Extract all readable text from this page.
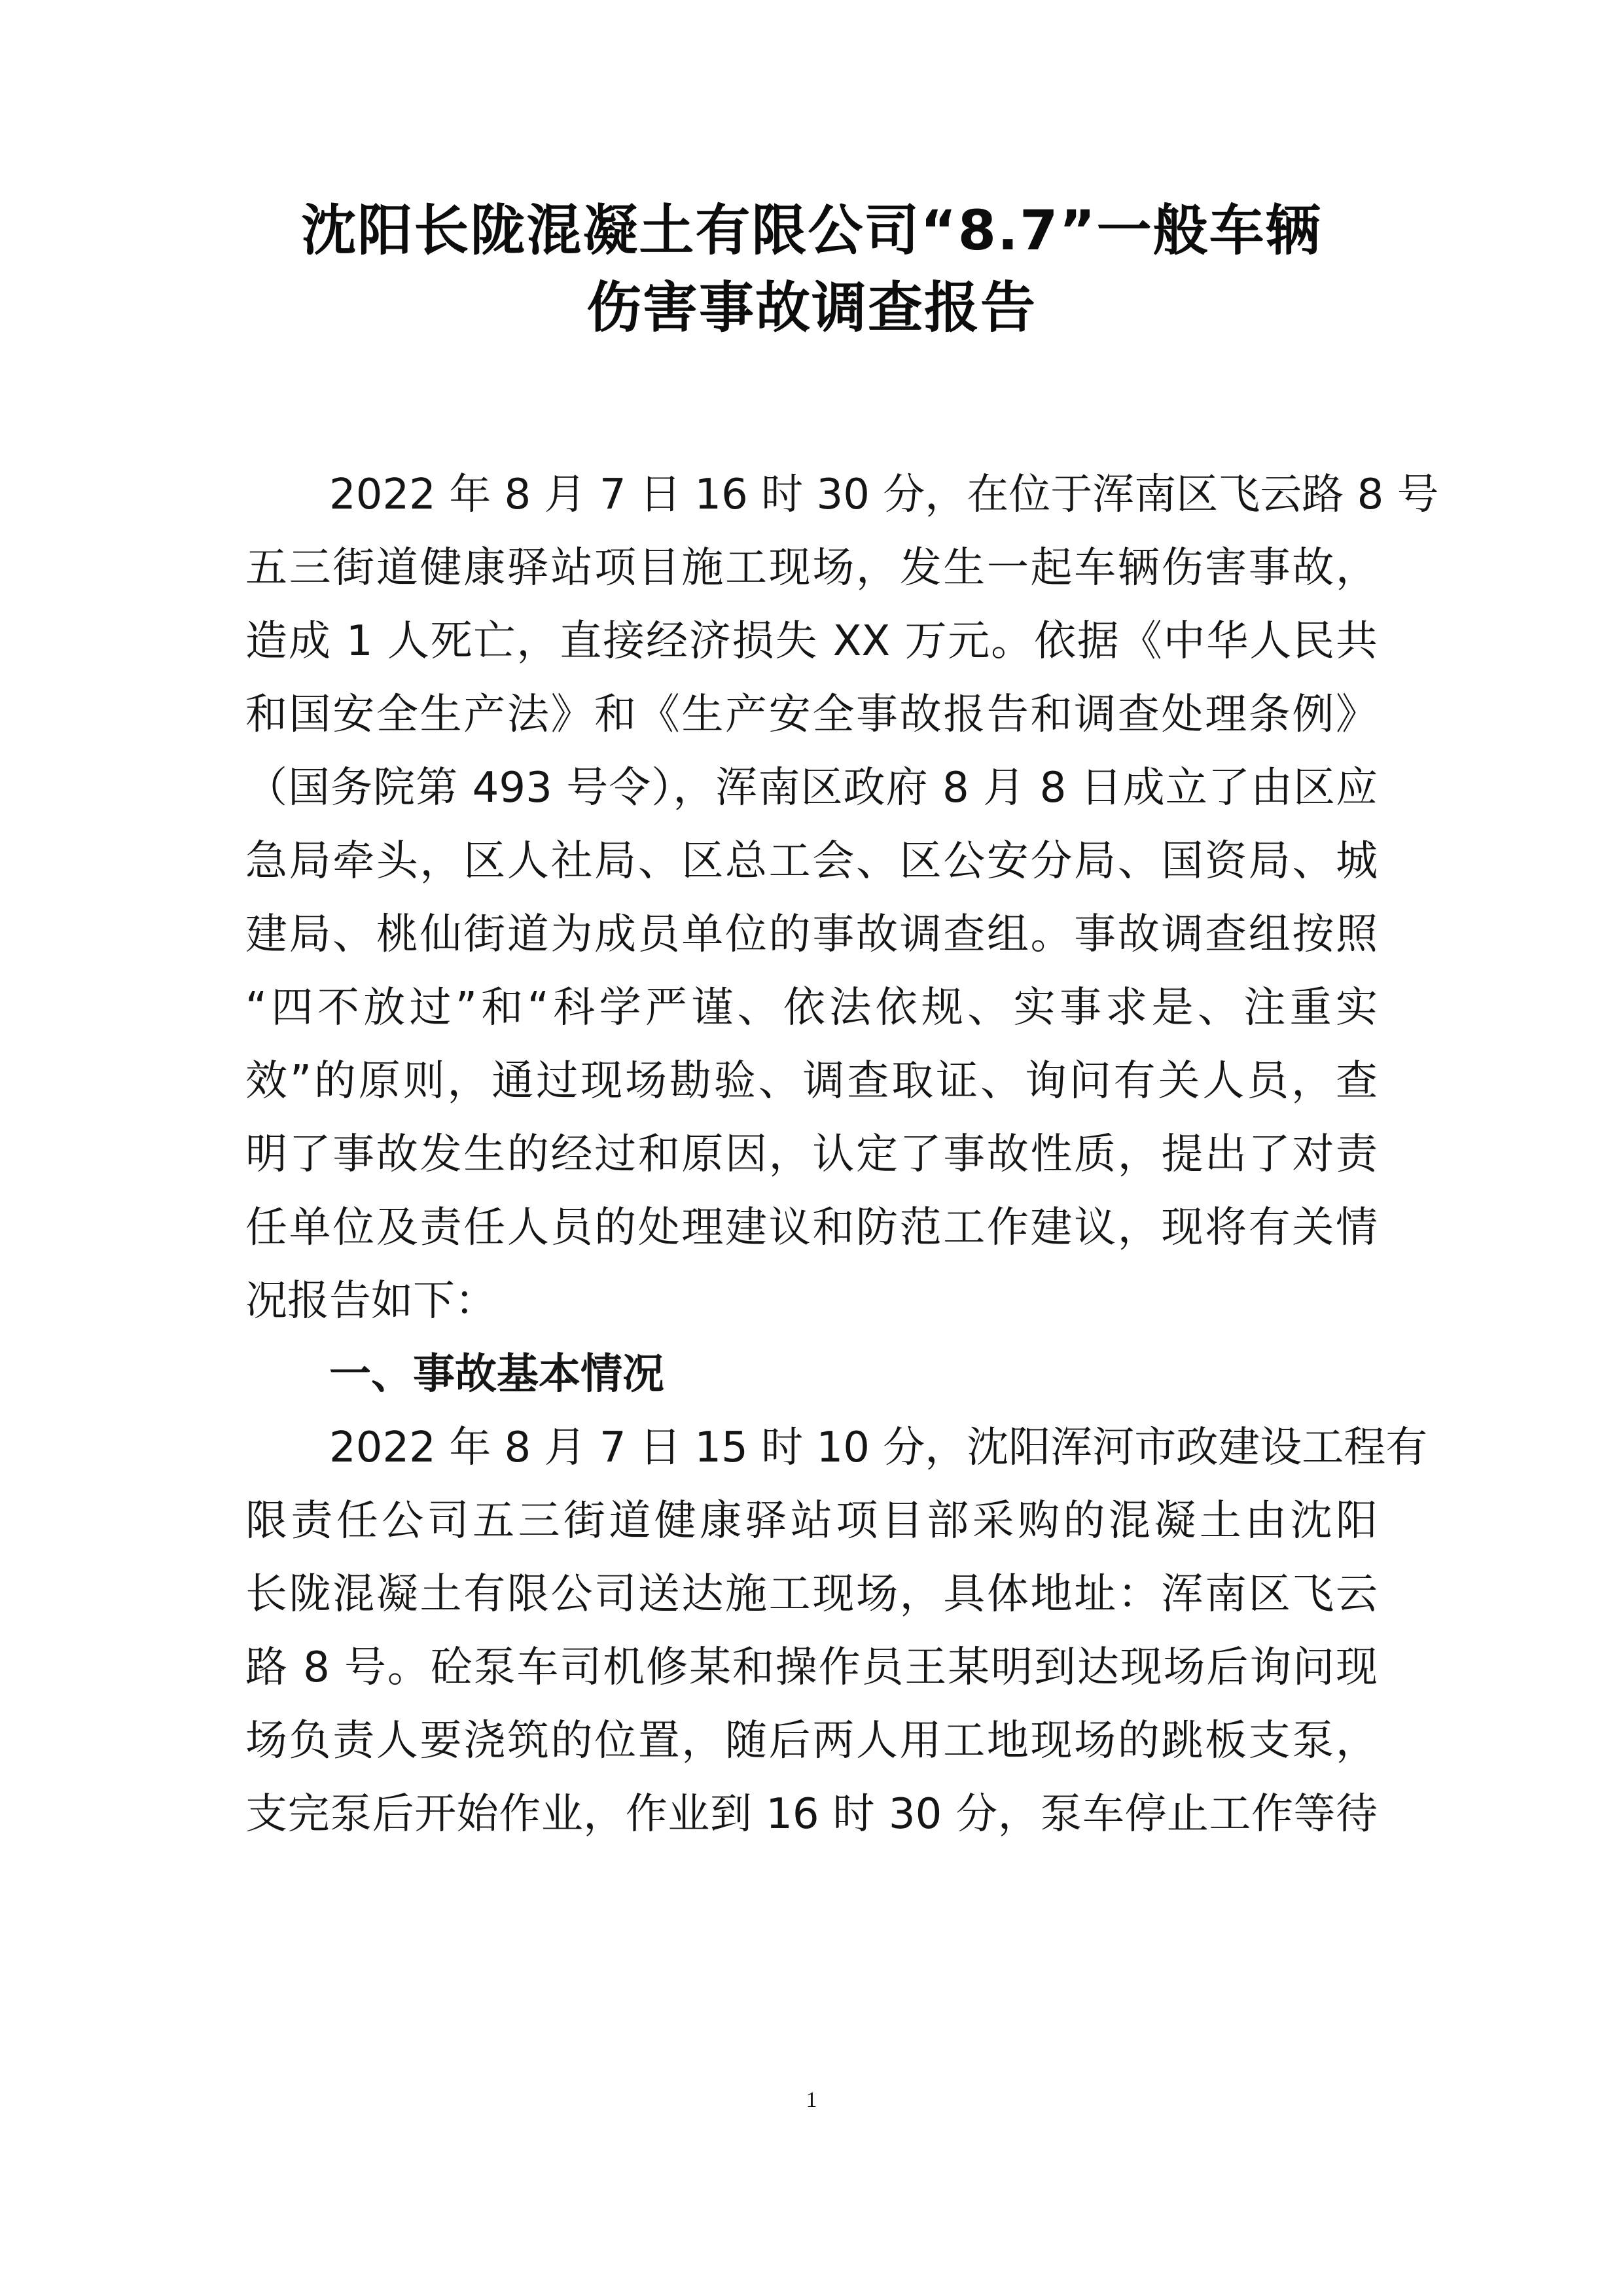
沈阳长陇混凝土有限公司“8.7”一般车辆
伤害事故调查报告
2022 年 8 月 7 日 16 时 30 分，在位于浑南区飞云路 8 号
五三街道健康驿站项目施工现场，发生一起车辆伤害事故，
造成 1 人死亡，直接经济损失 XX 万元。依据《中华人民共
和国安全生产法》和《生产安全事故报告和调查处理条例》
（国务院第 493 号令），浑南区政府 8 月 8 日成立了由区应
急局牵头，区人社局、区总工会、区公安分局、国资局、城
建局、桃仙街道为成员单位的事故调查组。事故调查组按照
“四不放过”和“科学严谨、依法依规、实事求是、注重实
效”的原则，通过现场勘验、调查取证、询问有关人员，查
明了事故发生的经过和原因，认定了事故性质，提出了对责
任单位及责任人员的处理建议和防范工作建议，现将有关情
况报告如下：
一、事故基本情况
2022 年 8 月 7 日 15 时 10 分，沈阳浑河市政建设工程有
限责任公司五三街道健康驿站项目部采购的混凝土由沈阳
长陇混凝土有限公司送达施工现场，具体地址：浑南区飞云
路 8 号。砼泵车司机修某和操作员王某明到达现场后询问现
场负责人要浇筑的位置，随后两人用工地现场的跳板支泵，
支完泵后开始作业，作业到 16 时 30 分，泵车停止工作等待
1
